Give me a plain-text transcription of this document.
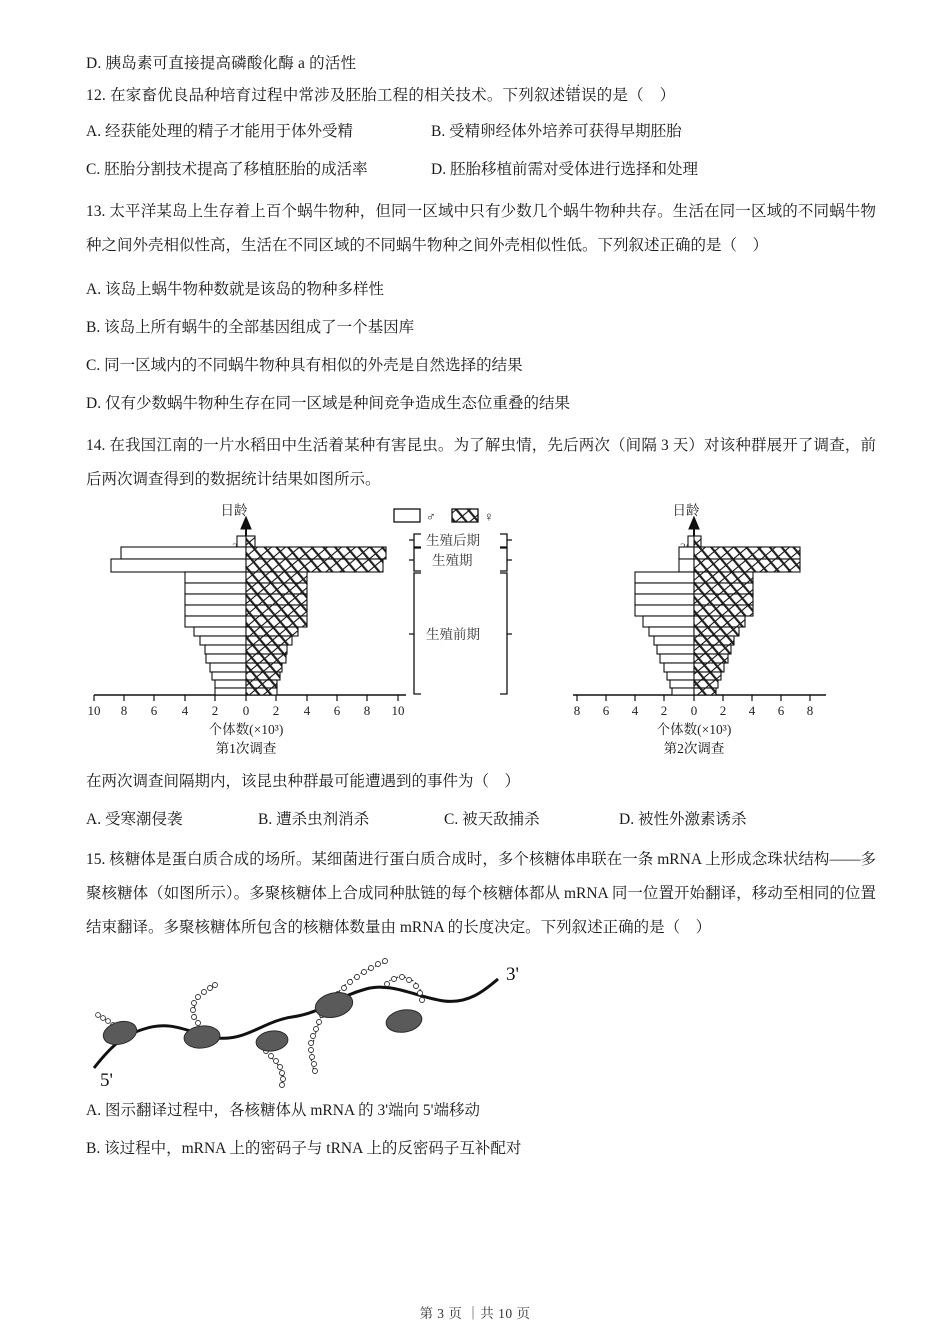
D. 胰岛素可直接提高磷酸化酶 a 的活性
12. 在家畜优良品种培育过程中常涉及胚胎工程的相关技术。下列叙述错误 ..的是（　）
A. 经获能处理的精子才能用于体外受精	B. 受精卵经体外培养可获得早期胚胎
C. 胚胎分割技术提高了移植胚胎的成活率	D. 胚胎移植前需对受体进行选择和处理
13. 太平洋某岛上生存着上百个蜗牛物种，但同一区域中只有少数几个蜗牛物种共存。生活在同一区域的不同蜗牛物种之间外壳相似性高，生活在不同区域的不同蜗牛物种之间外壳相似性低。下列叙述正确的是（　）
A. 该岛上蜗牛物种数就是该岛的物种多样性
B. 该岛上所有蜗牛的全部基因组成了一个基因库
C. 同一区域内的不同蜗牛物种具有相似的外壳是自然选择的结果
D. 仅有少数蜗牛物种生存在同一区域是种间竞争造成生态位重叠的结果
14. 在我国江南的一片水稻田中生活着某种有害昆虫。为了解虫情，先后两次（间隔 3 天）对该种群展开了调查，前后两次调查得到的数据统计结果如图所示。
日龄
10 8 6 4 2 0 2 4 6 8 10
个体数(×10³)
第1次调查
生殖后期
生殖期
生殖前期
♂	♀	日龄
8 6 4 2 0 2 4 6 8
个体数(×10³)
第2次调查
在两次调查间隔期内，该昆虫种群最可能遭遇到的事件为（　）
A. 受寒潮侵袭	B. 遭杀虫剂消杀	C. 被天敌捕杀	D. 被性外激素诱杀
15. 核糖体是蛋白质合成的场所。某细菌进行蛋白质合成时，多个核糖体串联在一条 mRNA 上形成念珠状结构——多聚核糖体（如图所示）。多聚核糖体上合成同种肽链的每个核糖体都从 mRNA 同一位置开始翻译，移动至相同的位置结束翻译。多聚核糖体所包含的核糖体数量由 mRNA 的长度决定。下列叙述正确的是（　）
5'
3'
A. 图示翻译过程中，各核糖体从 mRNA 的 3'端向 5'端移动
B. 该过程中，mRNA 上的密码子与 tRNA 上的反密码子互补配对
第 3 页 ｜共 10 页
